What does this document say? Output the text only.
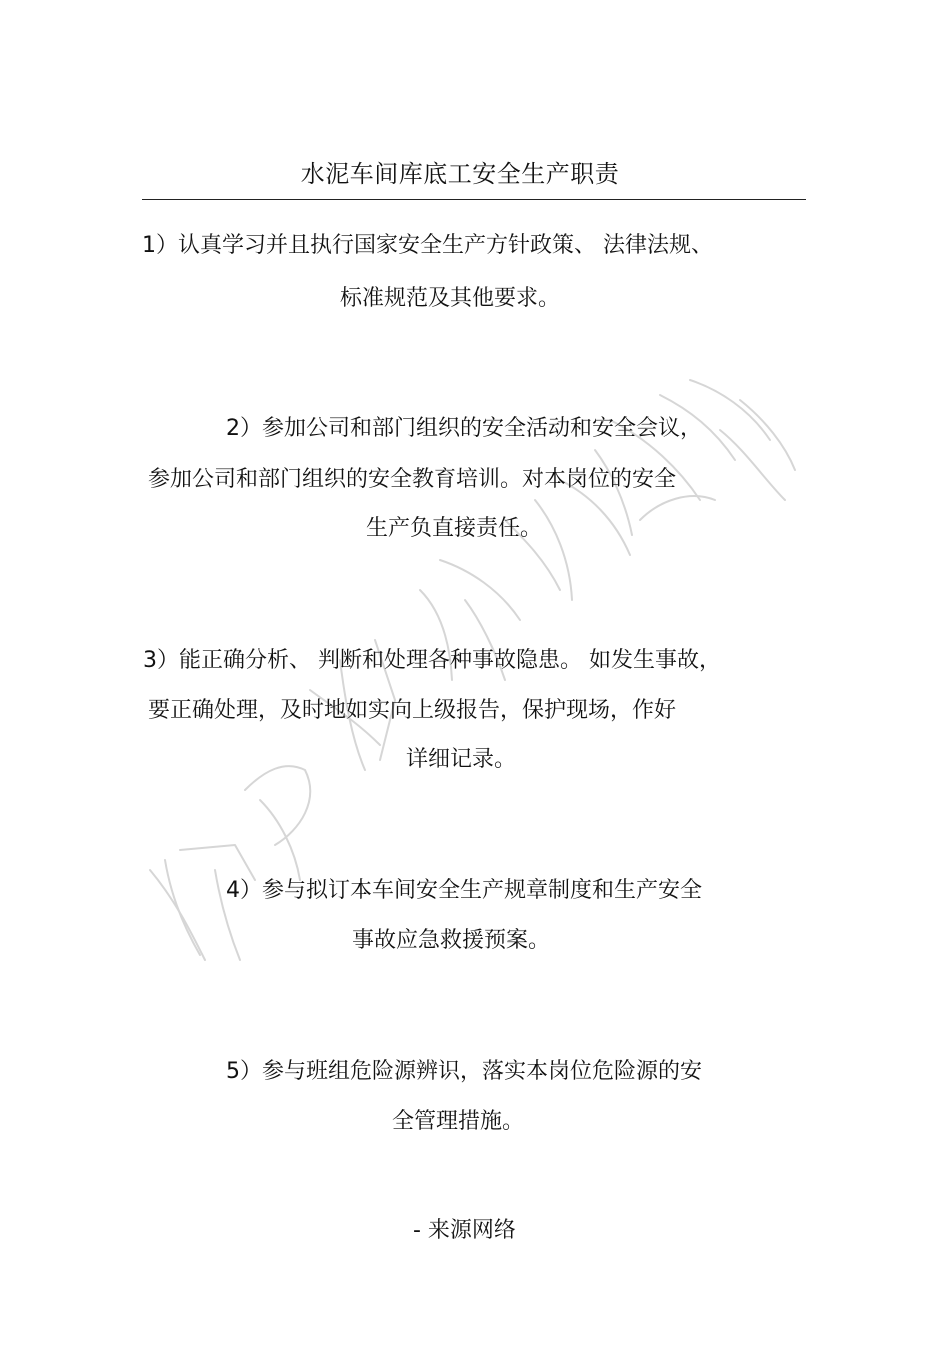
水泥车间库底工安全生产职责
1）认真学习并且执行国家安全生产方针政策、 法律法规、
标准规范及其他要求。
2）参加公司和部门组织的安全活动和安全会议，
参加公司和部门组织的安全教育培训。对本岗位的安全
生产负直接责任。
3）能正确分析、 判断和处理各种事故隐患。 如发生事故，
要正确处理，及时地如实向上级报告，保护现场，作好
详细记录。
4）参与拟订本车间安全生产规章制度和生产安全
事故应急救援预案。
5）参与班组危险源辨识，落实本岗位危险源的安
全管理措施。
- 来源网络
